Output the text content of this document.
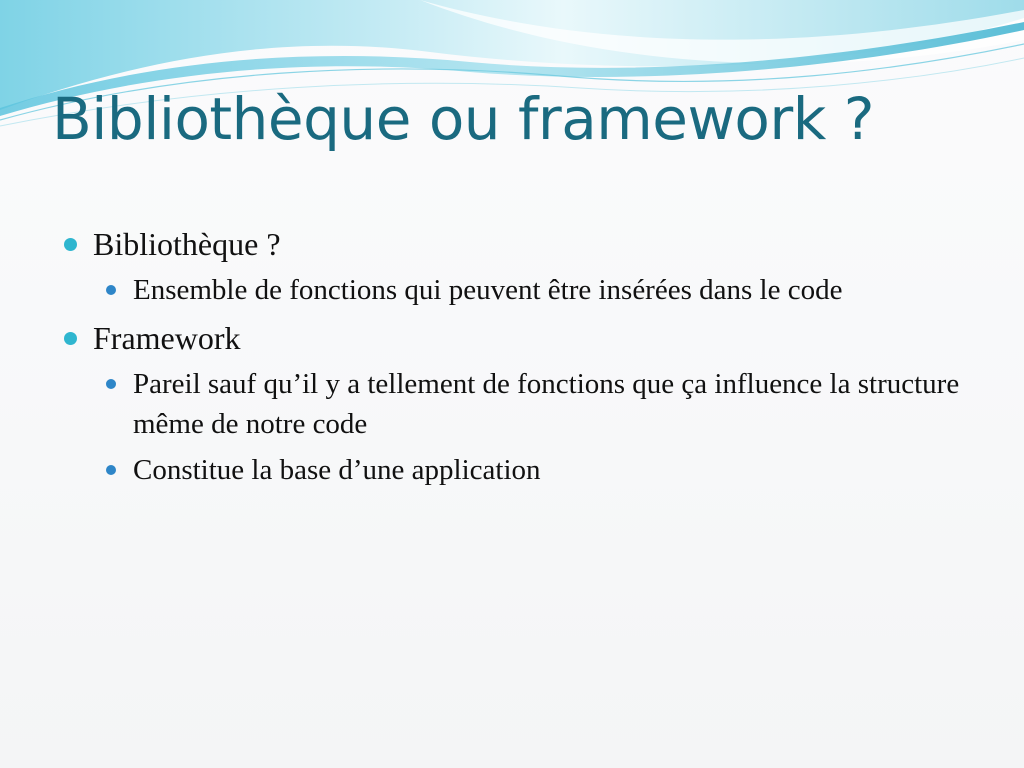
Bibliothèque ou framework ?
Bibliothèque ?
Ensemble de fonctions qui peuvent être insérées dans le code
Framework
Pareil sauf qu’il y a tellement de fonctions que ça influence la structure même de notre code
Constitue la base d’une application
